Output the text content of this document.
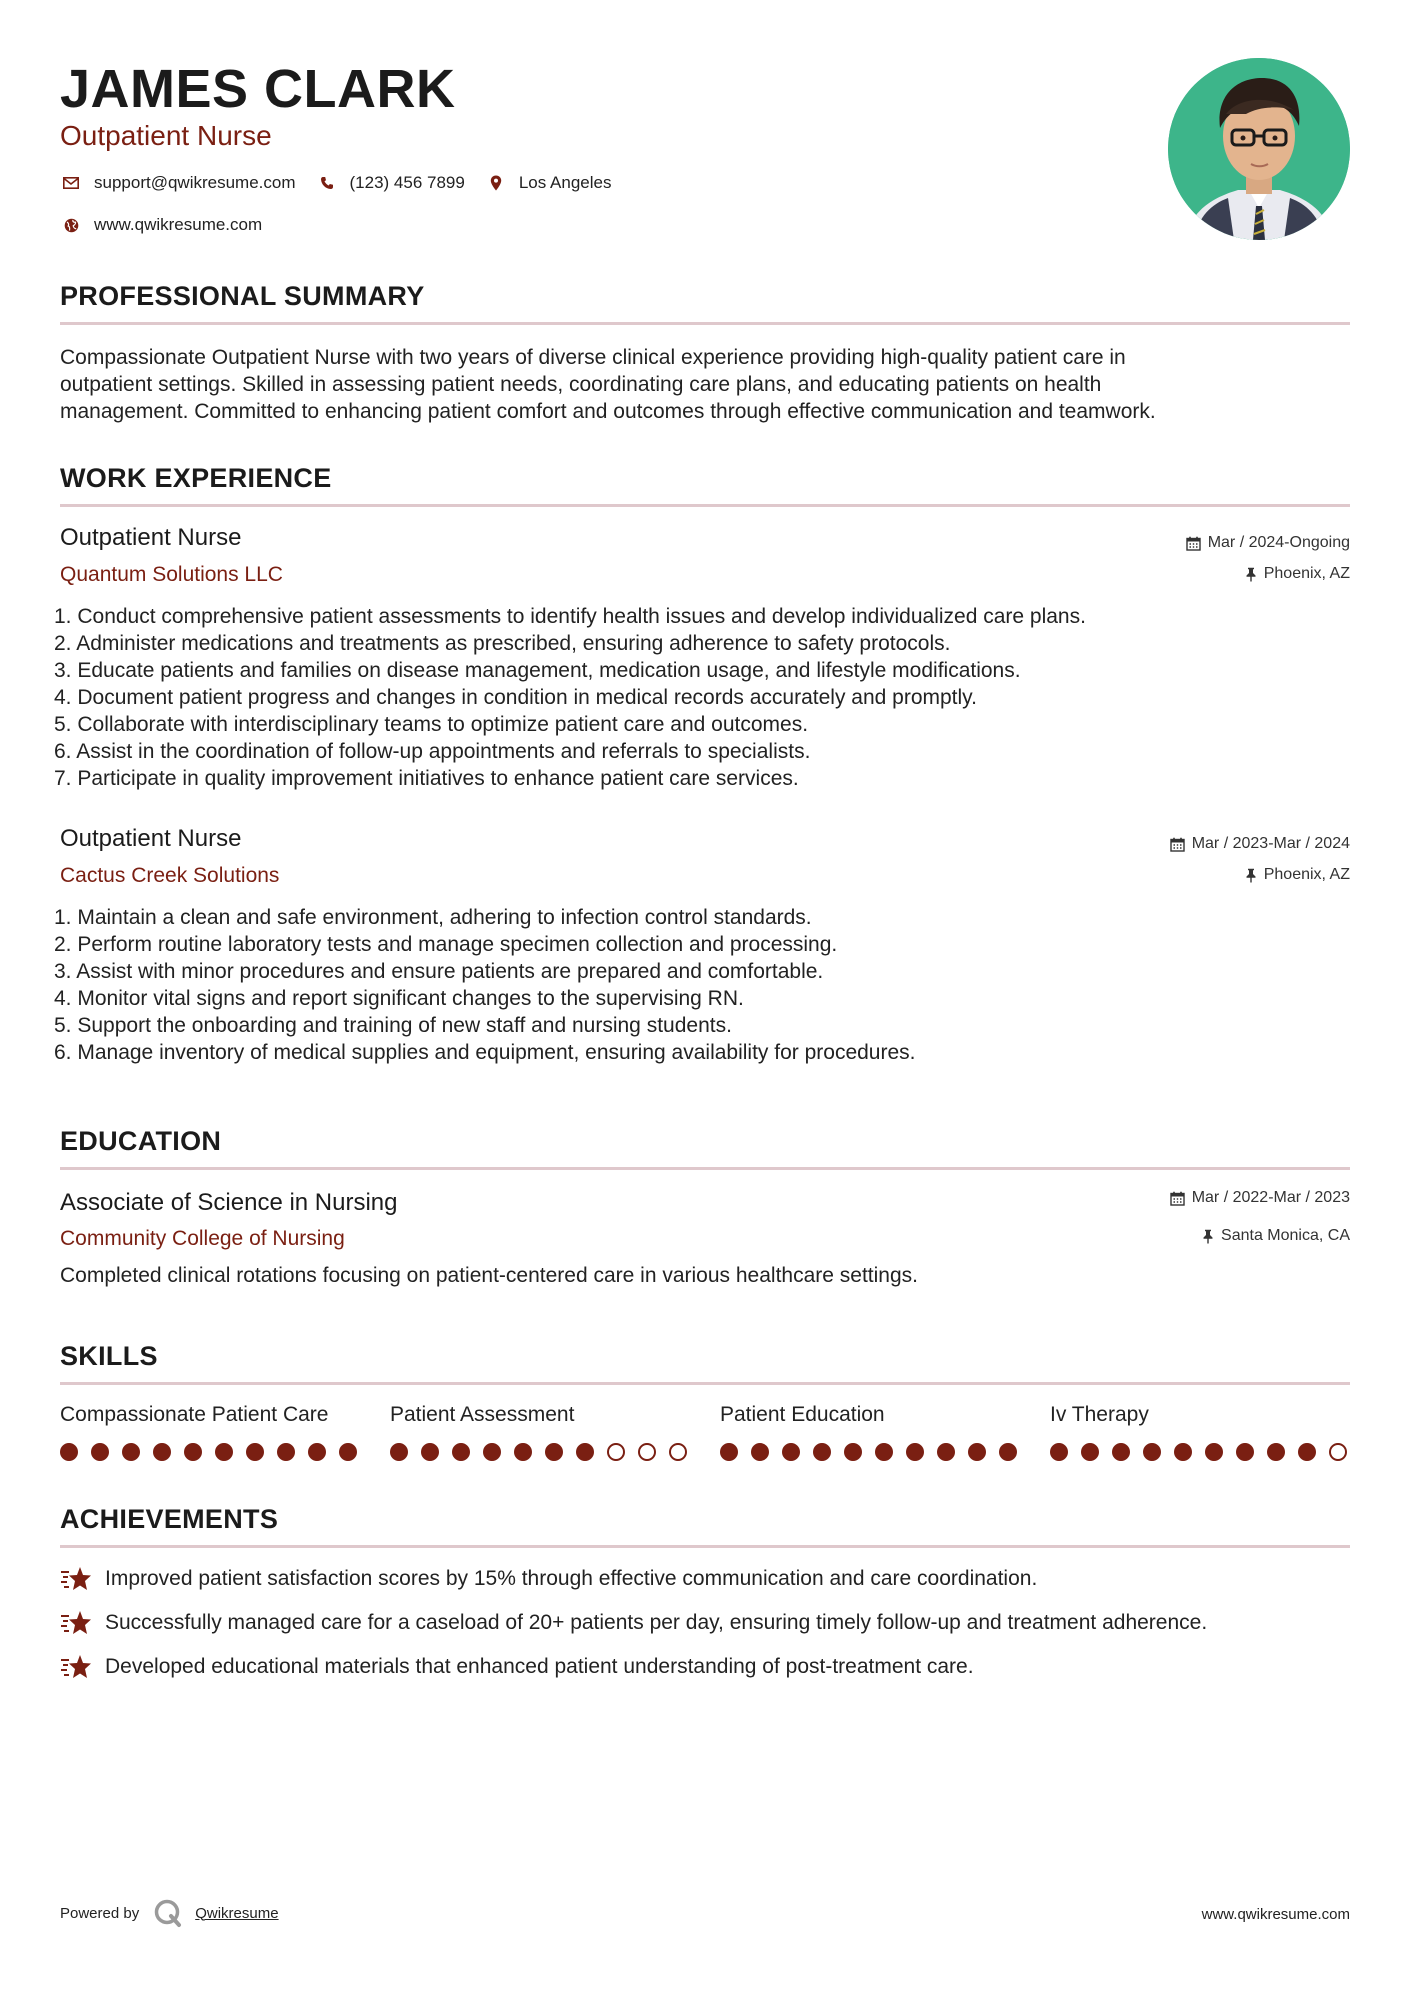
JAMES CLARK
Outpatient Nurse
support@qwikresume.com	(123) 456 7899	Los Angeles
www.qwikresume.com
PROFESSIONAL SUMMARY
Compassionate Outpatient Nurse with two years of diverse clinical experience providing high-quality patient care in
outpatient settings. Skilled in assessing patient needs, coordinating care plans, and educating patients on health
management. Committed to enhancing patient comfort and outcomes through effective communication and teamwork.
WORK EXPERIENCE
Outpatient Nurse
Quantum Solutions LLC
Mar / 2024-Ongoing
Phoenix, AZ
1. Conduct comprehensive patient assessments to identify health issues and develop individualized care plans.
2. Administer medications and treatments as prescribed, ensuring adherence to safety protocols.
3. Educate patients and families on disease management, medication usage, and lifestyle modifications.
4. Document patient progress and changes in condition in medical records accurately and promptly.
5. Collaborate with interdisciplinary teams to optimize patient care and outcomes.
6. Assist in the coordination of follow-up appointments and referrals to specialists.
7. Participate in quality improvement initiatives to enhance patient care services.
Outpatient Nurse
Cactus Creek Solutions
Mar / 2023-Mar / 2024
Phoenix, AZ
1. Maintain a clean and safe environment, adhering to infection control standards.
2. Perform routine laboratory tests and manage specimen collection and processing.
3. Assist with minor procedures and ensure patients are prepared and comfortable.
4. Monitor vital signs and report significant changes to the supervising RN.
5. Support the onboarding and training of new staff and nursing students.
6. Manage inventory of medical supplies and equipment, ensuring availability for procedures.
EDUCATION
Associate of Science in Nursing
Community College of Nursing
Mar / 2022-Mar / 2023
Santa Monica, CA
Completed clinical rotations focusing on patient-centered care in various healthcare settings.
SKILLS
Compassionate Patient Care	Patient Assessment	Patient Education	Iv Therapy
ACHIEVEMENTS
Improved patient satisfaction scores by 15% through effective communication and care coordination.
Successfully managed care for a caseload of 20+ patients per day, ensuring timely follow-up and treatment adherence.
Developed educational materials that enhanced patient understanding of post-treatment care.
Powered by	Qwikresume	www.qwikresume.com
